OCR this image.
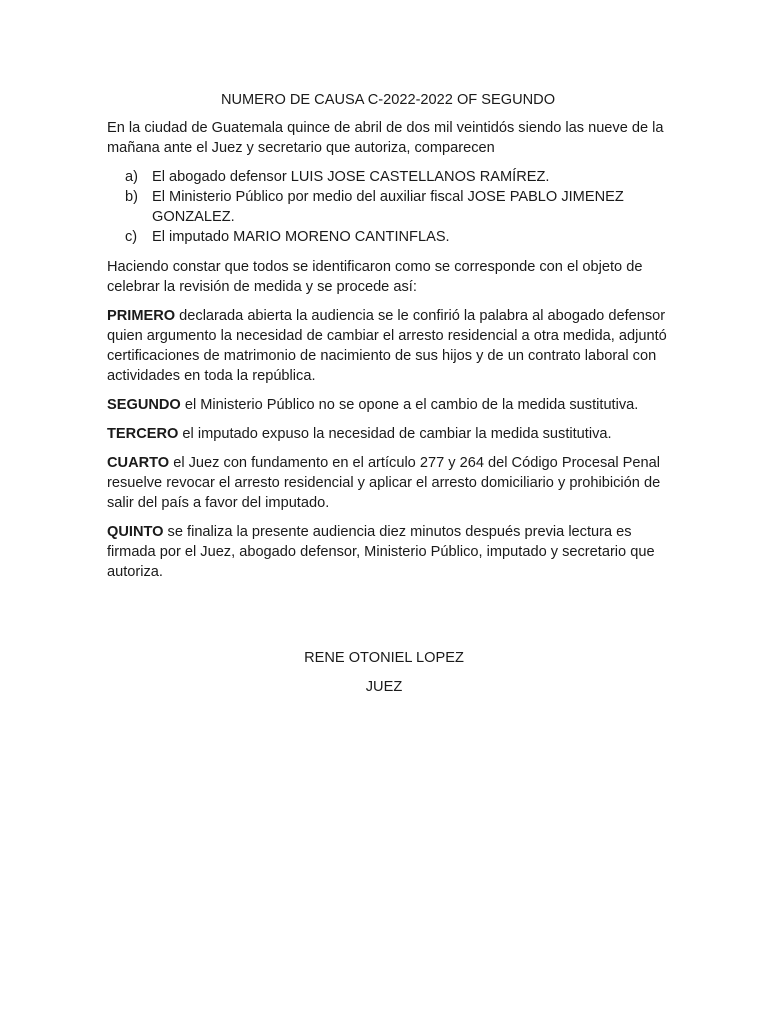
NUMERO DE CAUSA C-2022-2022 OF SEGUNDO

En la ciudad de Guatemala quince de abril de dos mil veintidós siendo las nueve de la mañana ante el Juez y secretario que autoriza, comparecen

a) El abogado defensor LUIS JOSE CASTELLANOS RAMÍREZ.
b) El Ministerio Público por medio del auxiliar fiscal JOSE PABLO JIMENEZ GONZALEZ.
c) El imputado MARIO MORENO CANTINFLAS.

Haciendo constar que todos se identificaron como se corresponde con el objeto de celebrar la revisión de medida y se procede así:

PRIMERO declarada abierta la audiencia se le confirió la palabra al abogado defensor quien argumento la necesidad de cambiar el arresto residencial a otra medida, adjuntó certificaciones de matrimonio de nacimiento de sus hijos y de un contrato laboral con actividades en toda la república.

SEGUNDO el Ministerio Público no se opone a el cambio de la medida sustitutiva.

TERCERO el imputado expuso la necesidad de cambiar la medida sustitutiva.

CUARTO el Juez con fundamento en el artículo 277 y 264 del Código Procesal Penal resuelve revocar el arresto residencial y aplicar el arresto domiciliario y prohibición de salir del país a favor del imputado.

QUINTO se finaliza la presente audiencia diez minutos después previa lectura es firmada por el Juez, abogado defensor, Ministerio Público, imputado y secretario que autoriza.

RENE OTONIEL LOPEZ
JUEZ
